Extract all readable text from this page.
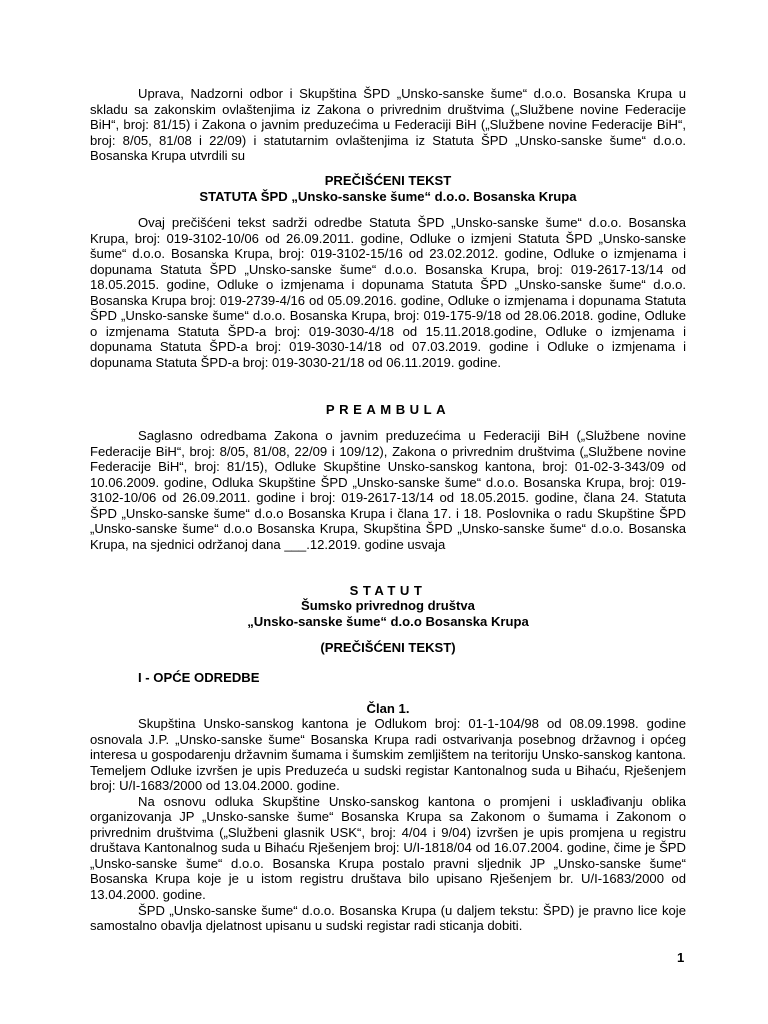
Uprava, Nadzorni odbor i Skupština ŠPD „Unsko-sanske šume“ d.o.o. Bosanska Krupa u skladu sa zakonskim ovlaštenjima iz Zakona o privrednim društvima („Službene novine Federacije BiH“, broj: 81/15) i Zakona o javnim preduzećima u Federaciji BiH („Službene novine Federacije BiH“, broj: 8/05, 81/08 i 22/09) i statutarnim ovlaštenjima iz Statuta ŠPD „Unsko-sanske šume“ d.o.o. Bosanska Krupa utvrdili su

PREČIŠĆENI TEKST

STATUTA ŠPD „Unsko-sanske šume“ d.o.o. Bosanska Krupa

Ovaj prečišćeni tekst sadrži odredbe Statuta ŠPD „Unsko-sanske šume“ d.o.o. Bosanska Krupa, broj: 019-3102-10/06 od 26.09.2011. godine, Odluke o izmjeni Statuta ŠPD „Unsko-sanske šume“ d.o.o. Bosanska Krupa, broj: 019-3102-15/16 od 23.02.2012. godine, Odluke o izmjenama i dopunama Statuta ŠPD „Unsko-sanske šume“ d.o.o. Bosanska Krupa, broj: 019-2617-13/14 od 18.05.2015. godine, Odluke o izmjenama i dopunama Statuta ŠPD „Unsko-sanske šume“ d.o.o. Bosanska Krupa broj: 019-2739-4/16 od 05.09.2016. godine, Odluke o izmjenama i dopunama Statuta ŠPD „Unsko-sanske šume“ d.o.o. Bosanska Krupa, broj: 019-175-9/18 od 28.06.2018. godine, Odluke o izmjenama Statuta ŠPD-a broj: 019-3030-4/18 od 15.11.2018.godine, Odluke o izmjenama i dopunama Statuta ŠPD-a broj: 019-3030-14/18 od 07.03.2019. godine i Odluke o izmjenama i dopunama Statuta ŠPD-a broj: 019-3030-21/18 od 06.11.2019. godine.

PREAMBULA

Saglasno odredbama Zakona o javnim preduzećima u Federaciji BiH („Službene novine Federacije BiH“, broj: 8/05, 81/08, 22/09 i 109/12), Zakona o privrednim društvima („Službene novine Federacije BiH“, broj: 81/15), Odluke Skupštine Unsko-sanskog kantona, broj: 01-02-3-343/09 od 10.06.2009. godine, Odluka Skupštine ŠPD „Unsko-sanske šume“ d.o.o. Bosanska Krupa, broj: 019-3102-10/06 od 26.09.2011. godine i broj: 019-2617-13/14 od 18.05.2015. godine, člana 24. Statuta ŠPD „Unsko-sanske šume“ d.o.o Bosanska Krupa i člana 17. i 18. Poslovnika o radu Skupštine ŠPD „Unsko-sanske šume“ d.o.o Bosanska Krupa, Skupština ŠPD „Unsko-sanske šume“ d.o.o. Bosanska Krupa, na sjednici održanoj dana ___.12.2019. godine usvaja

STATUT

Šumsko privrednog društva

„Unsko-sanske šume“ d.o.o Bosanska Krupa

(PREČIŠĆENI TEKST)

I - OPĆE ODREDBE

Član 1.

Skupština Unsko-sanskog kantona je Odlukom broj: 01-1-104/98 od 08.09.1998. godine osnovala J.P. „Unsko-sanske šume“ Bosanska Krupa radi ostvarivanja posebnog državnog i općeg interesa u gospodarenju državnim šumama i šumskim zemljištem na teritoriju Unsko-sanskog kantona. Temeljem Odluke izvršen je upis Preduzeća u sudski registar Kantonalnog suda u Bihaću, Rješenjem broj: U/I-1683/2000 od 13.04.2000. godine.

Na osnovu odluka Skupštine Unsko-sanskog kantona o promjeni i usklađivanju oblika organizovanja JP „Unsko-sanske šume“ Bosanska Krupa sa Zakonom o šumama i Zakonom o privrednim društvima („Službeni glasnik USK“, broj: 4/04 i 9/04) izvršen je upis promjena u registru društava Kantonalnog suda u Bihaću Rješenjem broj: U/I-1818/04 od 16.07.2004. godine, čime je ŠPD „Unsko-sanske šume“ d.o.o. Bosanska Krupa postalo pravni sljednik JP „Unsko-sanske šume“ Bosanska Krupa koje je u istom registru društava bilo upisano Rješenjem br. U/I-1683/2000 od 13.04.2000. godine.

ŠPD „Unsko-sanske šume“ d.o.o. Bosanska Krupa (u daljem tekstu: ŠPD) je pravno lice koje samostalno obavlja djelatnost upisanu u sudski registar radi sticanja dobiti.

1
